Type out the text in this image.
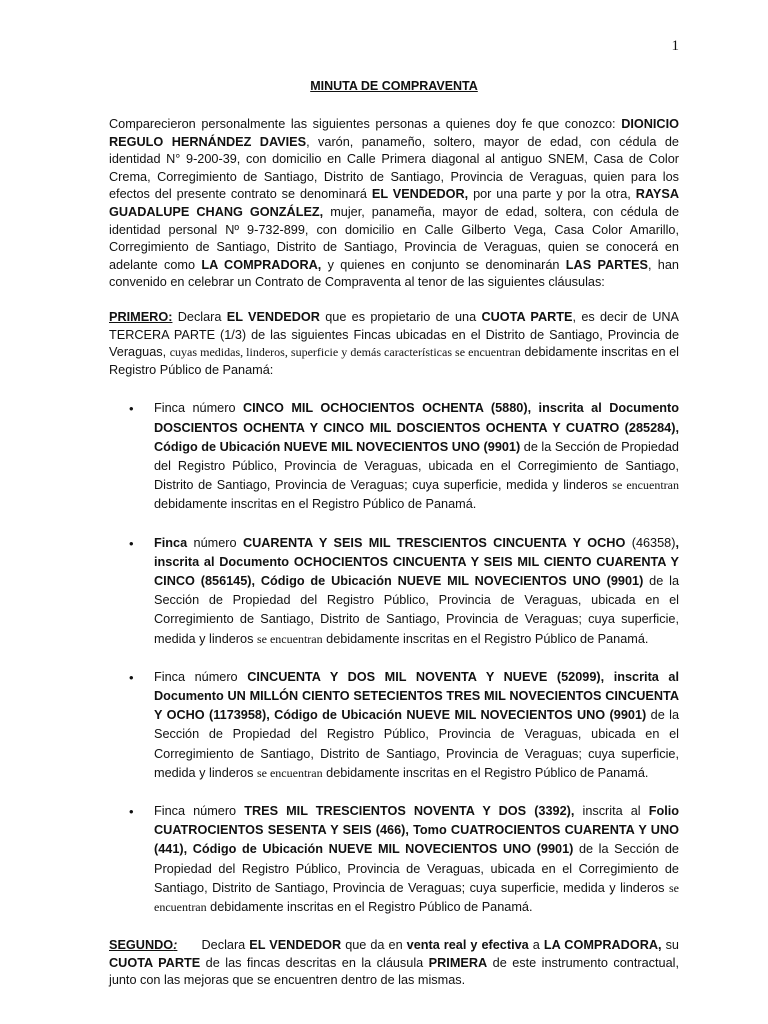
1
MINUTA DE COMPRAVENTA

Comparecieron personalmente las siguientes personas a quienes doy fe que conozco: DIONICIO REGULO HERNÁNDEZ DAVIES, varón, panameño, soltero, mayor de edad, con cédula de identidad N° 9-200-39, con domicilio en Calle Primera diagonal al antiguo SNEM, Casa de Color Crema, Corregimiento de Santiago, Distrito de Santiago, Provincia de Veraguas, quien para los efectos del presente contrato se denominará EL VENDEDOR, por una parte y por la otra, RAYSA GUADALUPE CHANG GONZÁLEZ, mujer, panameña, mayor de edad, soltera, con cédula de identidad personal Nº 9-732-899, con domicilio en Calle Gilberto Vega, Casa Color Amarillo, Corregimiento de Santiago, Distrito de Santiago, Provincia de Veraguas, quien se conocerá en adelante como LA COMPRADORA, y quienes en conjunto se denominarán LAS PARTES, han convenido en celebrar un Contrato de Compraventa al tenor de las siguientes cláusulas:

PRIMERO: Declara EL VENDEDOR que es propietario de una CUOTA PARTE, es decir de UNA TERCERA PARTE (1/3) de las siguientes Fincas ubicadas en el Distrito de Santiago, Provincia de Veraguas, cuyas medidas, linderos, superficie y demás características se encuentran debidamente inscritas en el Registro Público de Panamá:

• Finca número CINCO MIL OCHOCIENTOS OCHENTA (5880), inscrita al Documento DOSCIENTOS OCHENTA Y CINCO MIL DOSCIENTOS OCHENTA Y CUATRO (285284), Código de Ubicación NUEVE MIL NOVECIENTOS UNO (9901) de la Sección de Propiedad del Registro Público, Provincia de Veraguas, ubicada en el Corregimiento de Santiago, Distrito de Santiago, Provincia de Veraguas; cuya superficie, medida y linderos se encuentran debidamente inscritas en el Registro Público de Panamá.
• Finca número CUARENTA Y SEIS MIL TRESCIENTOS CINCUENTA Y OCHO (46358), inscrita al Documento OCHOCIENTOS CINCUENTA Y SEIS MIL CIENTO CUARENTA Y CINCO (856145), Código de Ubicación NUEVE MIL NOVECIENTOS UNO (9901) de la Sección de Propiedad del Registro Público, Provincia de Veraguas, ubicada en el Corregimiento de Santiago, Distrito de Santiago, Provincia de Veraguas; cuya superficie, medida y linderos se encuentran debidamente inscritas en el Registro Público de Panamá.
• Finca número CINCUENTA Y DOS MIL NOVENTA Y NUEVE (52099), inscrita al Documento UN MILLÓN CIENTO SETECIENTOS TRES MIL NOVECIENTOS CINCUENTA Y OCHO (1173958), Código de Ubicación NUEVE MIL NOVECIENTOS UNO (9901) de la Sección de Propiedad del Registro Público, Provincia de Veraguas, ubicada en el Corregimiento de Santiago, Distrito de Santiago, Provincia de Veraguas; cuya superficie, medida y linderos se encuentran debidamente inscritas en el Registro Público de Panamá.
• Finca número TRES MIL TRESCIENTOS NOVENTA Y DOS (3392), inscrita al Folio CUATROCIENTOS SESENTA Y SEIS (466), Tomo CUATROCIENTOS CUARENTA Y UNO (441), Código de Ubicación NUEVE MIL NOVECIENTOS UNO (9901) de la Sección de Propiedad del Registro Público, Provincia de Veraguas, ubicada en el Corregimiento de Santiago, Distrito de Santiago, Provincia de Veraguas; cuya superficie, medida y linderos se encuentran debidamente inscritas en el Registro Público de Panamá.

SEGUNDO:      Declara EL VENDEDOR que da en venta real y efectiva a LA COMPRADORA, su CUOTA PARTE de las fincas descritas en la cláusula PRIMERA de este instrumento contractual, junto con las mejoras que se encuentren dentro de las mismas.
